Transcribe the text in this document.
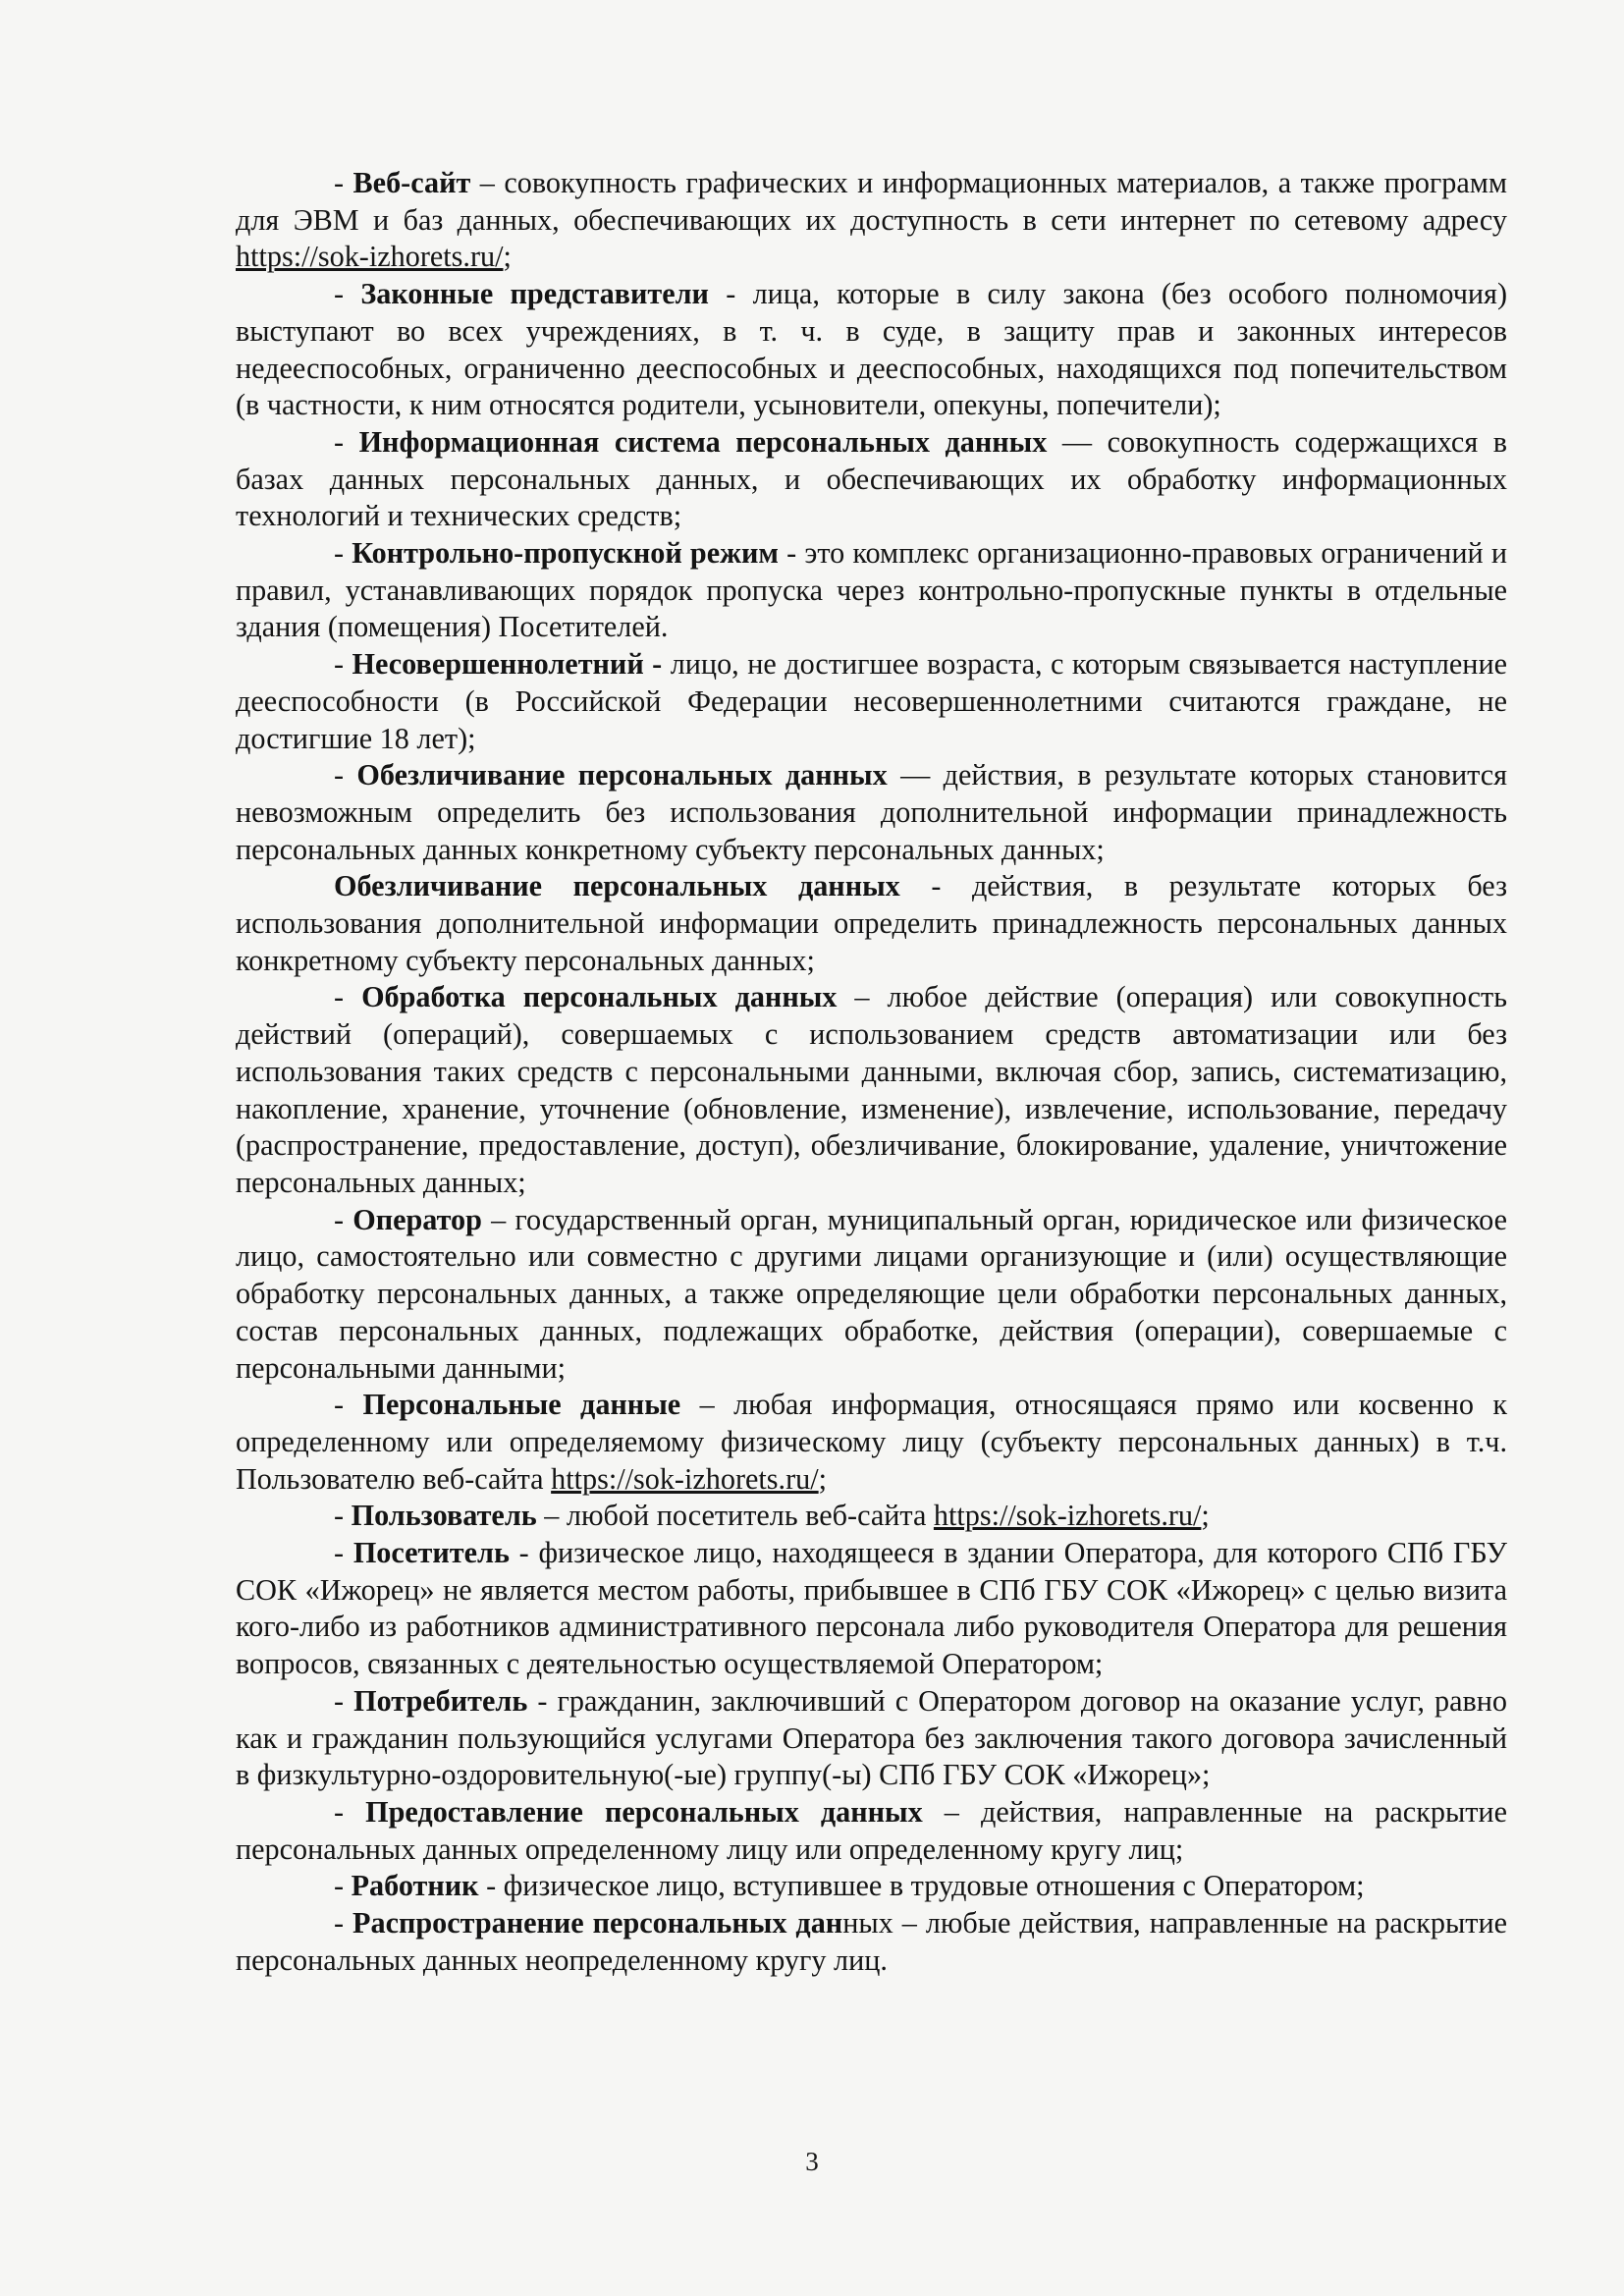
- Веб-сайт – совокупность графических и информационных материалов, а также программ для ЭВМ и баз данных, обеспечивающих их доступность в сети интернет по сетевому адресу https://sok-izhorets.ru/;

- Законные представители - лица, которые в силу закона (без особого полномочия) выступают во всех учреждениях, в т. ч. в суде, в защиту прав и законных интересов недееспособных, ограниченно дееспособных и дееспособных, находящихся под попечительством (в частности, к ним относятся родители, усыновители, опекуны, попечители);

- Информационная система персональных данных — совокупность содержащихся в базах данных персональных данных, и обеспечивающих их обработку информационных технологий и технических средств;

- Контрольно-пропускной режим - это комплекс организационно-правовых ограничений и правил, устанавливающих порядок пропуска через контрольно-пропускные пункты в отдельные здания (помещения) Посетителей.

- Несовершеннолетний - лицо, не достигшее возраста, с которым связывается наступление дееспособности (в Российской Федерации несовершеннолетними считаются граждане, не достигшие 18 лет);

- Обезличивание персональных данных — действия, в результате которых становится невозможным определить без использования дополнительной информации принадлежность персональных данных конкретному субъекту персональных данных;

Обезличивание персональных данных - действия, в результате которых без использования дополнительной информации определить принадлежность персональных данных конкретному субъекту персональных данных;

- Обработка персональных данных – любое действие (операция) или совокупность действий (операций), совершаемых с использованием средств автоматизации или без использования таких средств с персональными данными, включая сбор, запись, систематизацию, накопление, хранение, уточнение (обновление, изменение), извлечение, использование, передачу (распространение, предоставление, доступ), обезличивание, блокирование, удаление, уничтожение персональных данных;

- Оператор – государственный орган, муниципальный орган, юридическое или физическое лицо, самостоятельно или совместно с другими лицами организующие и (или) осуществляющие обработку персональных данных, а также определяющие цели обработки персональных данных, состав персональных данных, подлежащих обработке, действия (операции), совершаемые с персональными данными;

- Персональные данные – любая информация, относящаяся прямо или косвенно к определенному или определяемому физическому лицу (субъекту персональных данных) в т.ч. Пользователю веб-сайта https://sok-izhorets.ru/;

- Пользователь – любой посетитель веб-сайта https://sok-izhorets.ru/;

- Посетитель - физическое лицо, находящееся в здании Оператора, для которого СПб ГБУ СОК «Ижорец» не является местом работы, прибывшее в СПб ГБУ СОК «Ижорец» с целью визита кого-либо из работников административного персонала либо руководителя Оператора для решения вопросов, связанных с деятельностью осуществляемой Оператором;

- Потребитель - гражданин, заключивший с Оператором договор на оказание услуг, равно как и гражданин пользующийся услугами Оператора без заключения такого договора зачисленный в физкультурно-оздоровительную(-ые) группу(-ы) СПб ГБУ СОК «Ижорец»;

- Предоставление персональных данных – действия, направленные на раскрытие персональных данных определенному лицу или определенному кругу лиц;

- Работник - физическое лицо, вступившее в трудовые отношения с Оператором;

- Распространение персональных данных – любые действия, направленные на раскрытие персональных данных неопределенному кругу лиц.

3
